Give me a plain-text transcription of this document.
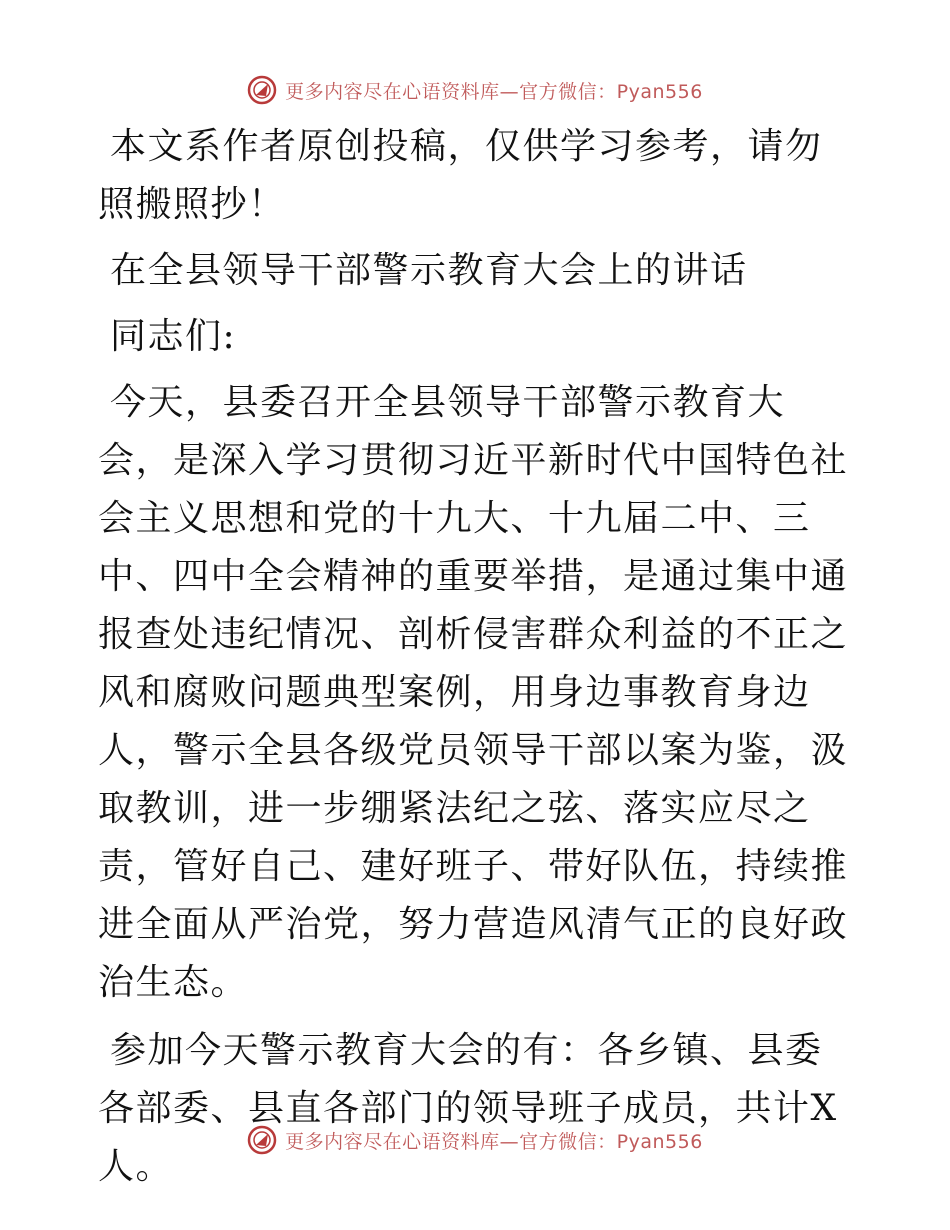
更多内容尽在心语资料库—官方微信：Pyan556

本文系作者原创投稿，仅供学习参考，请勿照搬照抄！

在全县领导干部警示教育大会上的讲话

同志们:

今天，县委召开全县领导干部警示教育大会，是深入学习贯彻习近平新时代中国特色社会主义思想和党的十九大、十九届二中、三中、四中全会精神的重要举措，是通过集中通报查处违纪情况、剖析侵害群众利益的不正之风和腐败问题典型案例，用身边事教育身边人，警示全县各级党员领导干部以案为鉴，汲取教训，进一步绷紧法纪之弦、落实应尽之责，管好自己、建好班子、带好队伍，持续推进全面从严治党，努力营造风清气正的良好政治生态。

参加今天警示教育大会的有：各乡镇、县委各部委、县直各部门的领导班子成员，共计X人。

更多内容尽在心语资料库—官方微信：Pyan556
